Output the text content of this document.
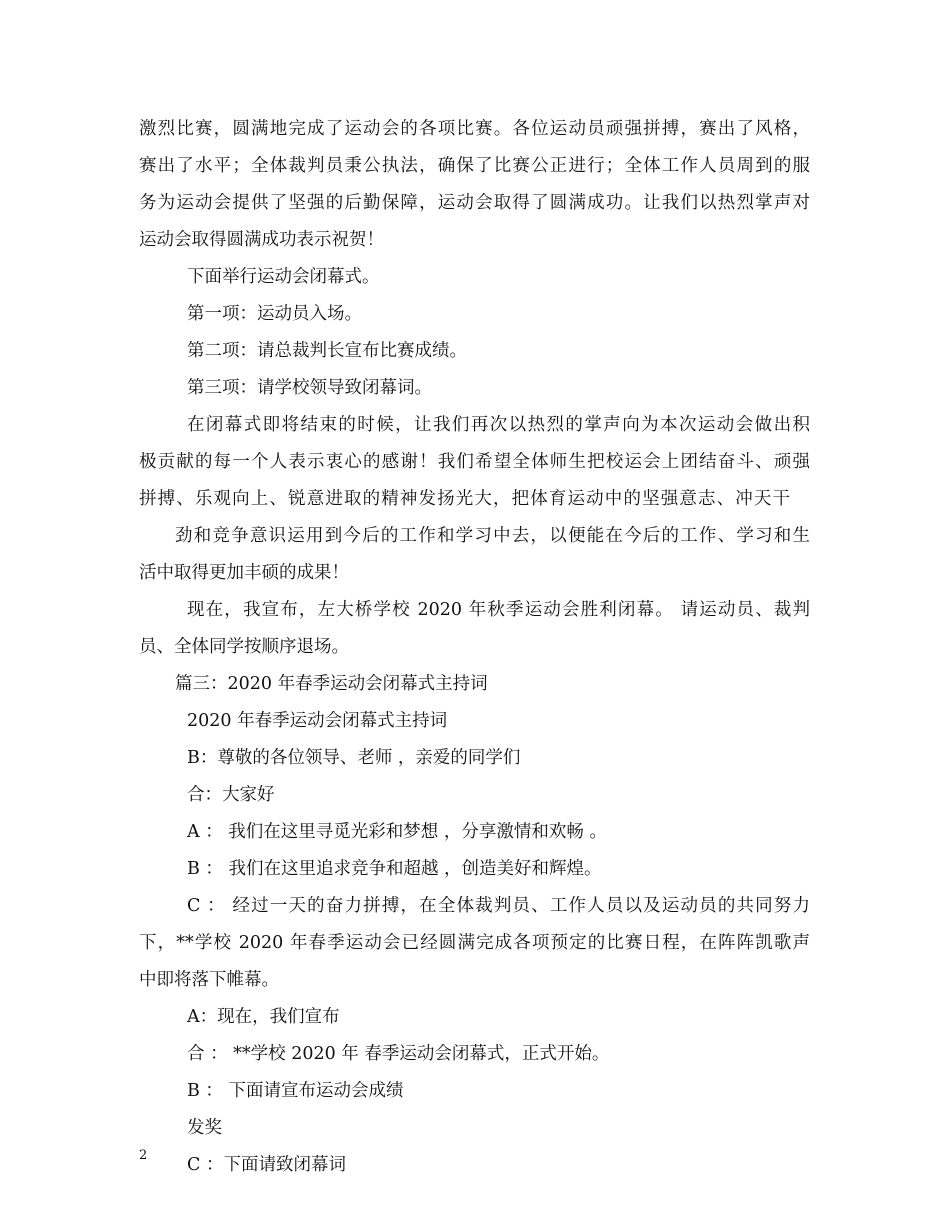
激烈比赛，圆满地完成了运动会的各项比赛。各位运动员顽强拼搏，赛出了风格，
赛出了水平；全体裁判员秉公执法，确保了比赛公正进行；全体工作人员周到的服
务为运动会提供了坚强的后勤保障，运动会取得了圆满成功。让我们以热烈掌声对
运动会取得圆满成功表示祝贺！
下面举行运动会闭幕式。
第一项：运动员入场。
第二项：请总裁判长宣布比赛成绩。
第三项：请学校领导致闭幕词。
在闭幕式即将结束的时候，让我们再次以热烈的掌声向为本次运动会做出积
极贡献的每一个人表示衷心的感谢！我们希望全体师生把校运会上团结奋斗、顽强
拼搏、乐观向上、锐意进取的精神发扬光大，把体育运动中的坚强意志、冲天干
劲和竞争意识运用到今后的工作和学习中去，以便能在今后的工作、学习和生
活中取得更加丰硕的成果！
现在，我宣布，左大桥学校 2020 年秋季运动会胜利闭幕。 请运动员、裁判
员、全体同学按顺序退场。
篇三：2020 年春季运动会闭幕式主持词
2020 年春季运动会闭幕式主持词
B：尊敬的各位领导、老师 ，亲爱的同学们
合：大家好
A ： 我们在这里寻觅光彩和梦想 ，分享激情和欢畅 。
B ： 我们在这里追求竞争和超越 ，创造美好和辉煌。
C ： 经过一天的奋力拼搏，在全体裁判员、工作人员以及运动员的共同努力
下，**学校 2020 年春季运动会已经圆满完成各项预定的比赛日程，在阵阵凯歌声
中即将落下帷幕。
A：现在，我们宣布
合 ： **学校 2020 年 春季运动会闭幕式，正式开始。
B ： 下面请宣布运动会成绩
发奖
C ：下面请致闭幕词
2
